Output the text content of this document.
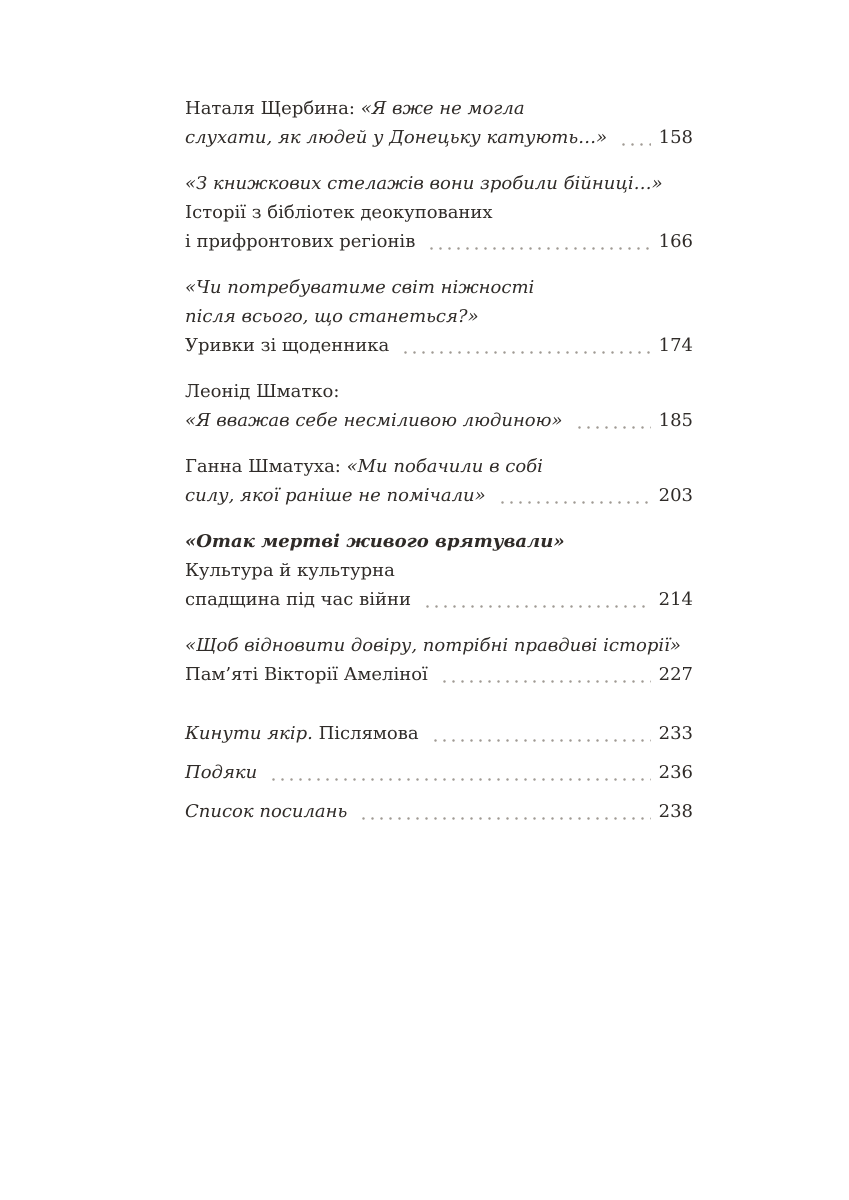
Наталя Щербина: «Я вже не могла
слухати, як людей у Донецьку катують…»	158
«З книжкових стелажів вони зробили бійниці…»
Історії з бібліотек деокупованих
і прифронтових регіонів	166
«Чи потребуватиме світ ніжності
після всього, що станеться?»
Уривки зі щоденника	174
Леонід Шматко:
«Я вважав себе несміливою людиною»	185
Ганна Шматуха: «Ми побачили в собі
силу, якої раніше не помічали»	203
«Отак мертві живого врятували»
Культура й культурна
спадщина під час війни	214
«Щоб відновити довіру, потрібні правдиві історії»
Пам’яті Вікторії Амеліної	227
Кинути якір. Післямова	233
Подяки	236
Список посилань	238
